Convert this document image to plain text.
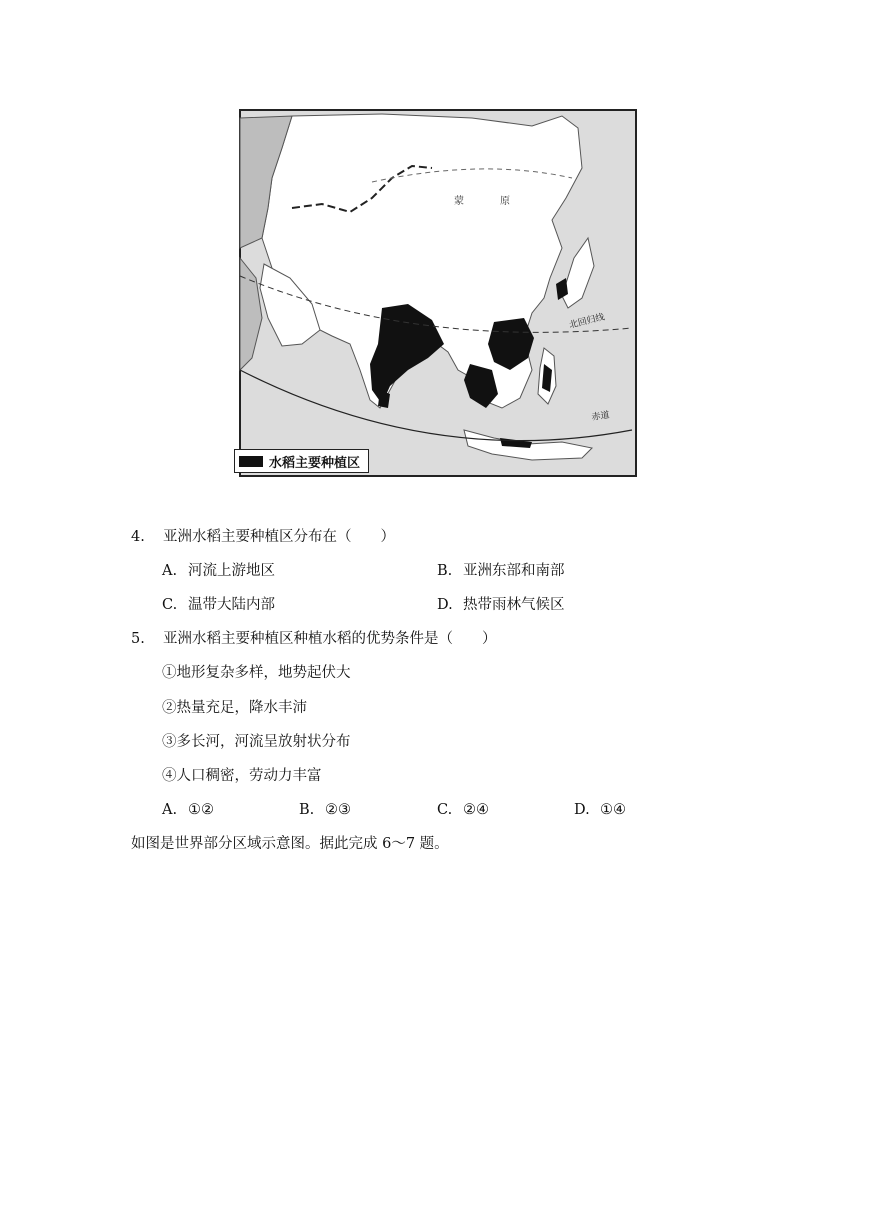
蒙	原
北回归线
赤道
水稻主要种植区
4. 亚洲水稻主要种植区分布在（　　）
A. 河流上游地区	B. 亚洲东部和南部
C. 温带大陆内部	D. 热带雨林气候区
5. 亚洲水稻主要种植区种植水稻的优势条件是（　　）
①地形复杂多样，地势起伏大
②热量充足，降水丰沛
③多长河，河流呈放射状分布
④人口稠密，劳动力丰富
A. ①②	B. ②③	C. ②④	D. ①④
如图是世界部分区域示意图。据此完成 6～7 题。
